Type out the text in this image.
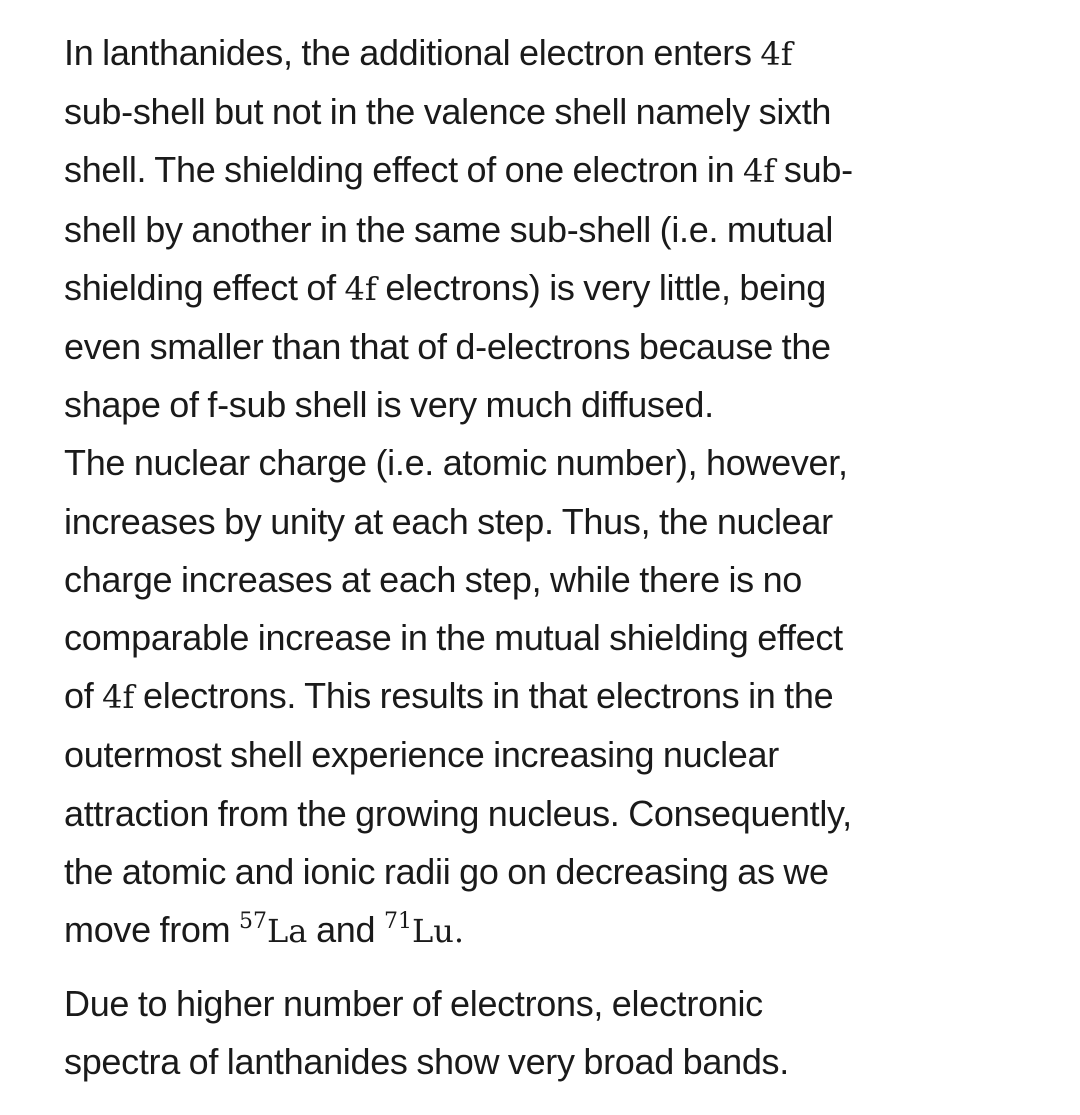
In lanthanides, the additional electron enters 4f
sub-shell but not in the valence shell namely sixth
shell. The shielding effect of one electron in 4f sub-
shell by another in the same sub-shell (i.e. mutual
shielding effect of 4f electrons) is very little, being
even smaller than that of d-electrons because the
shape of f-sub shell is very much diffused.

The nuclear charge (i.e. atomic number), however,
increases by unity at each step. Thus, the nuclear
charge increases at each step, while there is no
comparable increase in the mutual shielding effect
of 4f electrons. This results in that electrons in the
outermost shell experience increasing nuclear
attraction from the growing nucleus. Consequently,
the atomic and ionic radii go on decreasing as we
move from $^{57}$La and $^{71}$Lu.

Due to higher number of electrons, electronic
spectra of lanthanides show very broad bands.
